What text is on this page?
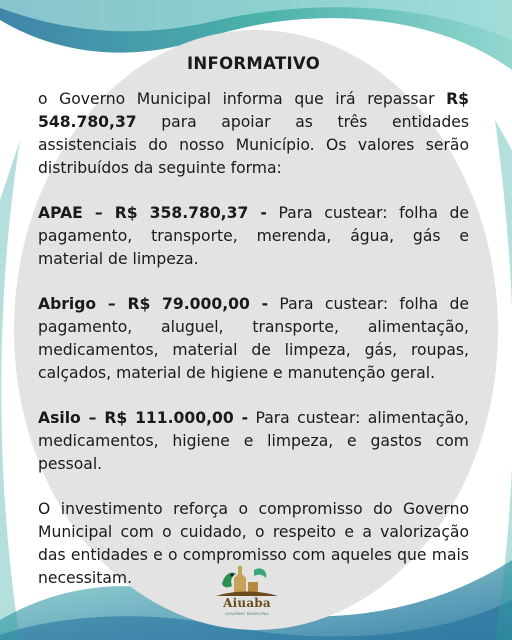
INFORMATIVO
o Governo Municipal informa que irá repassar R$ 548.780,37 para apoiar as três entidades assistenciais do nosso Município. Os valores serão distribuídos da seguinte forma:
APAE – R$ 358.780,37 - Para custear: folha de pagamento, transporte, merenda, água, gás e material de limpeza.
Abrigo – R$ 79.000,00 - Para custear: folha de pagamento, aluguel, transporte, alimentação, medicamentos, material de limpeza, gás, roupas, calçados, material de higiene e manutenção geral.
Asilo – R$ 111.000,00 - Para custear: alimentação, medicamentos, higiene e limpeza, e gastos com pessoal.
O investimento reforça o compromisso do Governo Municipal com o cuidado, o respeito e a valorização das entidades e o compromisso com aqueles que mais necessitam.
Aiuaba
GOVERNO MUNICIPAL
